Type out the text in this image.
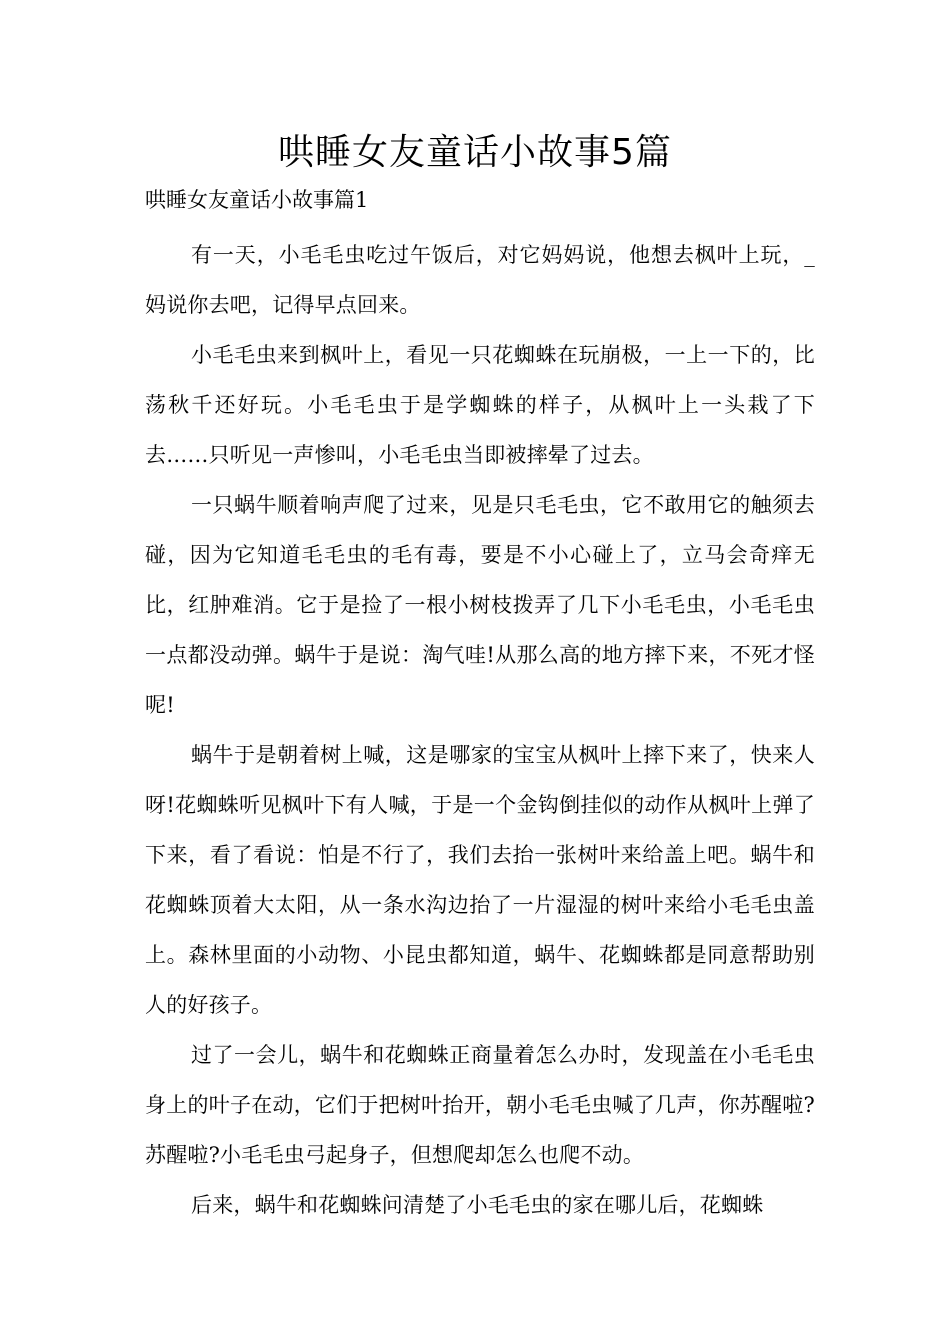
哄睡女友童话小故事5篇

哄睡女友童话小故事篇1

有一天，小毛毛虫吃过午饭后，对它妈妈说，他想去枫叶上玩，_妈说你去吧，记得早点回来。

小毛毛虫来到枫叶上，看见一只花蜘蛛在玩崩极，一上一下的，比荡秋千还好玩。小毛毛虫于是学蜘蛛的样子，从枫叶上一头栽了下去……只听见一声惨叫，小毛毛虫当即被摔晕了过去。

一只蜗牛顺着响声爬了过来，见是只毛毛虫，它不敢用它的触须去碰，因为它知道毛毛虫的毛有毒，要是不小心碰上了，立马会奇痒无比，红肿难消。它于是捡了一根小树枝拨弄了几下小毛毛虫，小毛毛虫一点都没动弹。蜗牛于是说：淘气哇!从那么高的地方摔下来，不死才怪呢!

蜗牛于是朝着树上喊，这是哪家的宝宝从枫叶上摔下来了，快来人呀!花蜘蛛听见枫叶下有人喊，于是一个金钩倒挂似的动作从枫叶上弹了下来，看了看说：怕是不行了，我们去抬一张树叶来给盖上吧。蜗牛和花蜘蛛顶着大太阳，从一条水沟边抬了一片湿湿的树叶来给小毛毛虫盖上。森林里面的小动物、小昆虫都知道，蜗牛、花蜘蛛都是同意帮助别人的好孩子。

过了一会儿，蜗牛和花蜘蛛正商量着怎么办时，发现盖在小毛毛虫身上的叶子在动，它们于把树叶抬开，朝小毛毛虫喊了几声，你苏醒啦?苏醒啦?小毛毛虫弓起身子，但想爬却怎么也爬不动。

后来，蜗牛和花蜘蛛问清楚了小毛毛虫的家在哪儿后，花蜘蛛
